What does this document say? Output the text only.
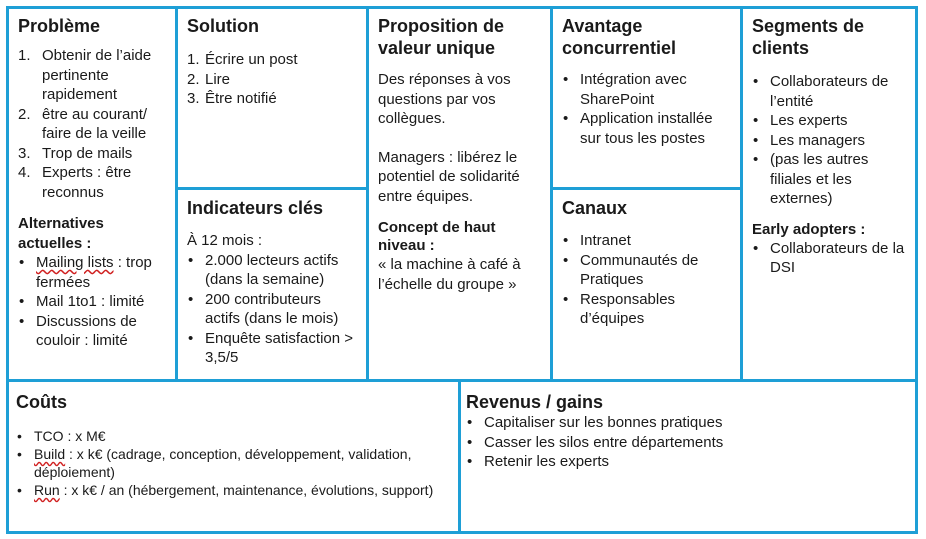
Problème
1. Obtenir de l’aide pertinente rapidement
2. être au courant/ faire de la veille
3. Trop de mails
4. Experts : être reconnus
Alternatives actuelles :
• Mailing lists : trop fermées
• Mail 1to1 : limité
• Discussions de couloir : limité
Solution
1. Écrire un post
2. Lire
3. Être notifié
Indicateurs clés
À 12 mois :
• 2.000 lecteurs actifs (dans la semaine)
• 200 contributeurs actifs (dans le mois)
• Enquête satisfaction > 3,5/5
Proposition de valeur unique

Des réponses à vos questions par vos collègues.

Managers : libérez le potentiel de solidarité entre équipes.

Concept de haut niveau :

« la machine à café à l’échelle du groupe »

Avantage concurrentiel
• Intégration avec SharePoint
• Application installée sur tous les postes
Canaux
• Intranet
• Communautés de Pratiques
• Responsables d’équipes
Segments de clients
• Collaborateurs de l’entité
• Les experts
• Les managers
• (pas les autres filiales et les externes)
Early adopters :
• Collaborateurs de la DSI
Coûts
• TCO : x M€
• Build : x k€ (cadrage, conception, développement, validation, déploiement)
• Run : x k€ / an (hébergement, maintenance, évolutions, support)
Revenus / gains
• Capitaliser sur les bonnes pratiques
• Casser les silos entre départements
• Retenir les experts
